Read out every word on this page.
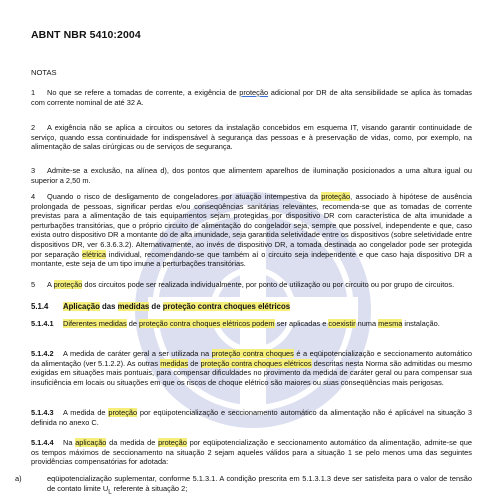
ABNT NBR 5410:2004

NOTAS

1 No que se refere a tomadas de corrente, a exigência de proteção adicional por DR de alta sensibilidade se aplica às tomadas com corrente nominal de até 32 A.

2 A exigência não se aplica a circuitos ou setores da instalação concebidos em esquema IT, visando garantir continuidade de serviço, quando essa continuidade for indispensável à segurança das pessoas e à preservação de vidas, como, por exemplo, na alimentação de salas cirúrgicas ou de serviços de segurança.

3 Admite-se a exclusão, na alínea d), dos pontos que alimentem aparelhos de iluminação posicionados a uma altura igual ou superior a 2,50 m.

4 Quando o risco de desligamento de congeladores por atuação intempestiva da proteção, associado à hipótese de ausência prolongada de pessoas, significar perdas e/ou conseqüências sanitárias relevantes, recomenda-se que as tomadas de corrente previstas para a alimentação de tais equipamentos sejam protegidas por dispositivo DR com característica de alta imunidade a perturbações transitórias, que o próprio circuito de alimentação do congelador seja, sempre que possível, independente e que, caso exista outro dispositivo DR a montante do de alta imunidade, seja garantida seletividade entre os dispositivos (sobre seletividade entre dispositivos DR, ver 6.3.6.3.2). Alternativamente, ao invés de dispositivo DR, a tomada destinada ao congelador pode ser protegida por separação elétrica individual, recomendando-se que também aí o circuito seja independente e que caso haja dispositivo DR a montante, este seja de um tipo imune a perturbações transitórias.

5 A proteção dos circuitos pode ser realizada individualmente, por ponto de utilização ou por circuito ou por grupo de circuitos.

5.1.4 Aplicação das medidas de proteção contra choques elétricos

5.1.4.1 Diferentes medidas de proteção contra choques elétricos podem ser aplicadas e coexistir numa mesma instalação.

5.1.4.2 A medida de caráter geral a ser utilizada na proteção contra choques é a eqüipotencialização e seccionamento automático da alimentação (ver 5.1.2.2). As outras medidas de proteção contra choques elétricos descritas nesta Norma são admitidas ou mesmo exigidas em situações mais pontuais, para compensar dificuldades no provimento da medida de caráter geral ou para compensar sua insuficiência em locais ou situações em que os riscos de choque elétrico são maiores ou suas conseqüências mais perigosas.

5.1.4.3 A medida de proteção por eqüipotencialização e seccionamento automático da alimentação não é aplicável na situação 3 definida no anexo C.

5.1.4.4 Na aplicação da medida de proteção por eqüipotencialização e seccionamento automático da alimentação, admite-se que os tempos máximos de seccionamento na situação 2 sejam aqueles válidos para a situação 1 se pelo menos uma das seguintes providências compensatórias for adotada:

a)	eqüipotencialização suplementar, conforme 5.1.3.1. A condição prescrita em 5.1.3.1.3 deve ser satisfeita para o valor de tensão de contato limite $U_L$ referente à situação 2;
